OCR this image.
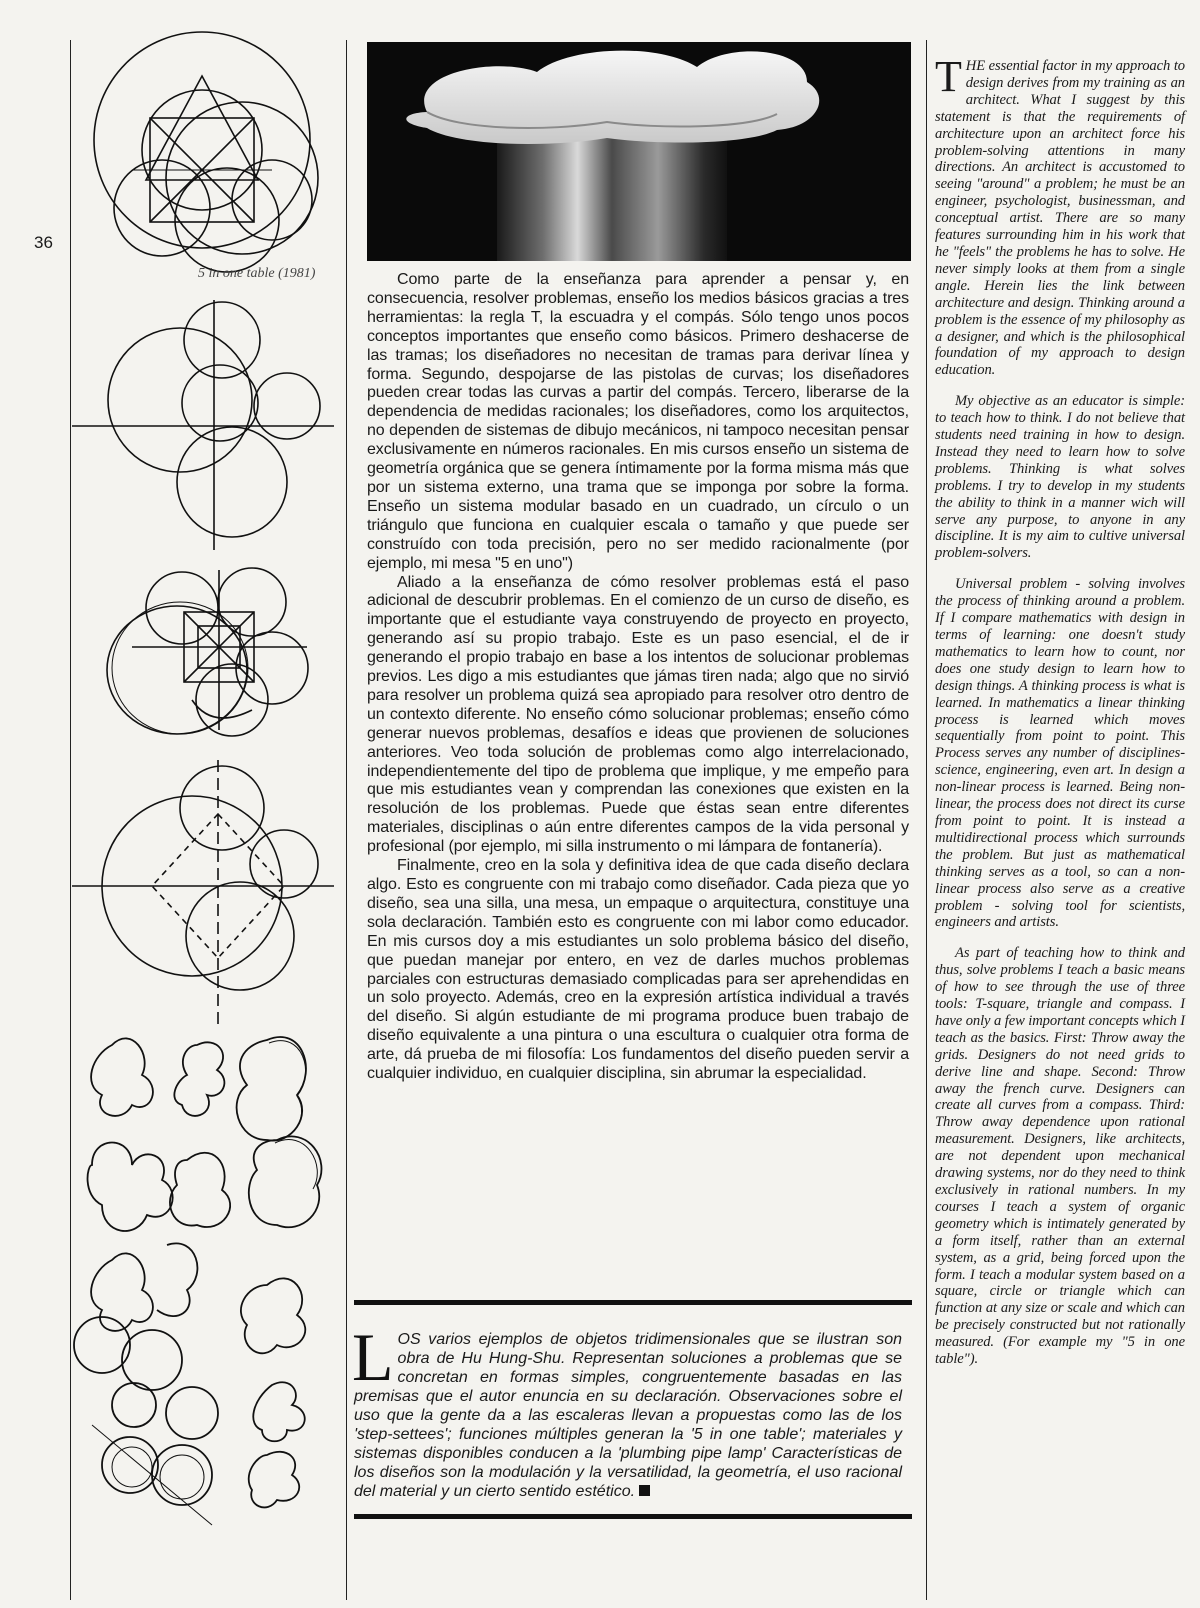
36
5 in one table (1981)	Como parte de la enseñanza para aprender a pensar y, en consecuencia, resolver problemas, enseño los medios básicos gracias a tres herramientas: la regla T, la escuadra y el compás. Sólo tengo unos pocos conceptos importantes que enseño como básicos. Primero deshacerse de las tramas; los diseñadores no necesitan de tramas para derivar línea y forma. Segundo, despojarse de las pistolas de curvas; los diseñadores pueden crear todas las curvas a partir del compás. Tercero, liberarse de la dependencia de medidas racionales; los diseñadores, como los arquitectos, no dependen de sistemas de dibujo mecánicos, ni tampoco necesitan pensar exclusivamente en números racionales. En mis cursos enseño un sistema de geometría orgánica que se genera íntimamente por la forma misma más que por un sistema externo, una trama que se imponga por sobre la forma. Enseño un sistema modular basado en un cuadrado, un círculo o un triángulo que funciona en cualquier escala o tamaño y que puede ser construído con toda precisión, pero no ser medido racionalmente (por ejemplo, mi mesa "5 en uno")

Aliado a la enseñanza de cómo resolver problemas está el paso adicional de descubrir problemas. En el comienzo de un curso de diseño, es importante que el estudiante vaya construyendo de proyecto en proyecto, generando así su propio trabajo. Este es un paso esencial, el de ir generando el propio trabajo en base a los intentos de solucionar problemas previos. Les digo a mis estudiantes que jámas tiren nada; algo que no sirvió para resolver un problema quizá sea apropiado para resolver otro dentro de un contexto diferente. No enseño cómo solucionar problemas; enseño cómo generar nuevos problemas, desafíos e ideas que provienen de soluciones anteriores. Veo toda solución de problemas como algo interrelacionado, independientemente del tipo de problema que implique, y me empeño para que mis estudiantes vean y comprendan las conexiones que existen en la resolución de los problemas. Puede que éstas sean entre diferentes materiales, disciplinas o aún entre diferentes campos de la vida personal y profesional (por ejemplo, mi silla instrumento o mi lámpara de fontanería).

Finalmente, creo en la sola y definitiva idea de que cada diseño declara algo. Esto es congruente con mi trabajo como diseñador. Cada pieza que yo diseño, sea una silla, una mesa, un empaque o arquitectura, constituye una sola declaración. También esto es congruente con mi labor como educador. En mis cursos doy a mis estudiantes un solo problema básico del diseño, que puedan manejar por entero, en vez de darles muchos problemas parciales con estructuras demasiado complicadas para ser aprehendidas en un solo proyecto. Además, creo en la expresión artística individual a través del diseño. Si algún estudiante de mi programa produce buen trabajo de diseño equivalente a una pintura o una escultura o cualquier otra forma de arte, dá prueba de mi filosofía: Los fundamentos del diseño pueden servir a cualquier individuo, en cualquier disciplina, sin abrumar la especialidad.

L OS varios ejemplos de objetos tridimensionales que se ilustran son obra de Hu Hung-Shu. Representan soluciones a problemas que se concretan en formas simples, congruentemente basadas en las premisas que el autor enuncia en su declaración. Observaciones sobre el uso que la gente da a las escaleras llevan a propuestas como las de los 'step-settees'; funciones múltiples generan la '5 in one table'; materiales y sistemas disponibles conducen a la 'plumbing pipe lamp' Características de los diseños son la modulación y la versatilidad, la geometría, el uso racional del material y un cierto sentido estético.

THE essential factor in my approach to design derives from my training as an architect. What I suggest by this statement is that the requirements of architecture upon an architect force his problem-solving attentions in many directions. An architect is accustomed to seeing "around" a problem; he must be an engineer, psychologist, businessman, and conceptual artist. There are so many features surrounding him in his work that he "feels" the problems he has to solve. He never simply looks at them from a single angle. Herein lies the link between architecture and design. Thinking around a problem is the essence of my philosophy as a designer, and which is the philosophical foundation of my approach to design education.

My objective as an educator is simple: to teach how to think. I do not believe that students need training in how to design. Instead they need to learn how to solve problems. Thinking is what solves problems. I try to develop in my students the ability to think in a manner wich will serve any purpose, to anyone in any discipline. It is my aim to cultive universal problem-solvers.

Universal problem - solving involves the process of thinking around a problem. If I compare mathematics with design in terms of learning: one doesn't study mathematics to learn how to count, nor does one study design to learn how to design things. A thinking process is what is learned. In mathematics a linear thinking process is learned which moves sequentially from point to point. This Process serves any number of disciplines- science, engineering, even art. In design a non-linear process is learned. Being non-linear, the process does not direct its curse from point to point. It is instead a multidirectional process which surrounds the problem. But just as mathematical thinking serves as a tool, so can a non-linear process also serve as a creative problem - solving tool for scientists, engineers and artists.

As part of teaching how to think and thus, solve problems I teach a basic means of how to see through the use of three tools: T-square, triangle and compass. I have only a few important concepts which I teach as the basics. First: Throw away the grids. Designers do not need grids to derive line and shape. Second: Throw away the french curve. Designers can create all curves from a compass. Third: Throw away dependence upon rational measurement. Designers, like architects, are not dependent upon mechanical drawing systems, nor do they need to think exclusively in rational numbers. In my courses I teach a system of organic geometry which is intimately generated by a form itself, rather than an external system, as a grid, being forced upon the form. I teach a modular system based on a square, circle or triangle which can function at any size or scale and which can be precisely constructed but not rationally measured. (For example my "5 in one table").
